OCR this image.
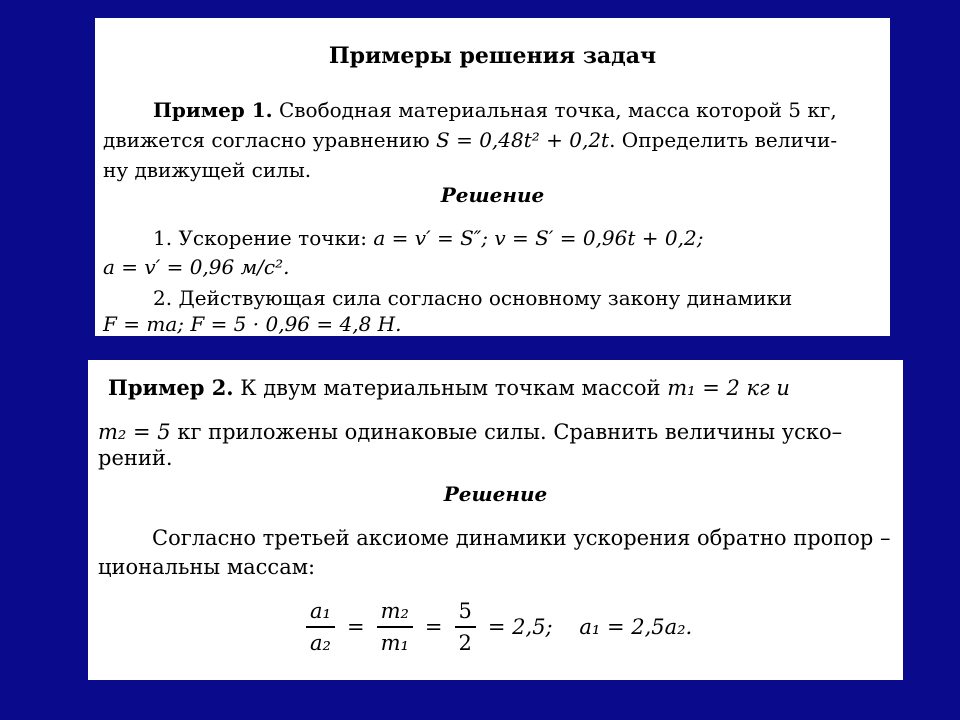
Примеры решения задач
Пример 1. Свободная материальная точка, масса которой 5 кг,
движется согласно уравнению S = 0,48t² + 0,2t. Определить величи-
ну движущей силы.
Решение
1. Ускорение точки: a = v′ = S″; v = S′ = 0,96t + 0,2;
a = v′ = 0,96 м/с².
2. Действующая сила согласно основному закону динамики
F = ma; F = 5 · 0,96 = 4,8 Н.
Пример 2. К двум материальным точкам массой m₁ = 2 кг и
m₂ = 5 кг приложены одинаковые силы. Сравнить величины уско–
рений.
Решение
Согласно третьей аксиоме динамики ускорения обратно пропор –
циональны массам:
$\frac{\text{a₁}}{\text{a₂}} = \frac{\text{m₂}}{\text{m₁}} = \frac{5}{2} = 2,5$;    a₁ = 2,5a₂.
